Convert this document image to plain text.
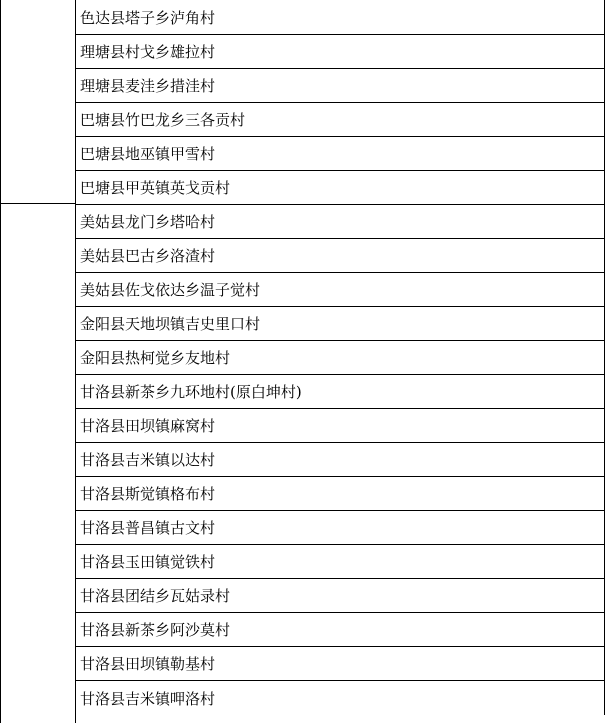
色达县塔子乡泸角村
理塘县村戈乡雄拉村
理塘县麦洼乡措洼村
巴塘县竹巴龙乡三各贡村
巴塘县地巫镇甲雪村
巴塘县甲英镇英戈贡村
美姑县龙门乡塔哈村
美姑县巴古乡洛渣村
美姑县佐戈依达乡温子觉村
金阳县天地坝镇吉史里口村
金阳县热柯觉乡友地村
甘洛县新茶乡九环地村(原白坤村)
甘洛县田坝镇麻窝村
甘洛县吉米镇以达村
甘洛县斯觉镇格布村
甘洛县普昌镇古文村
甘洛县玉田镇觉铁村
甘洛县团结乡瓦姑录村
甘洛县新茶乡阿沙莫村
甘洛县田坝镇勒基村
甘洛县吉米镇呷洛村
